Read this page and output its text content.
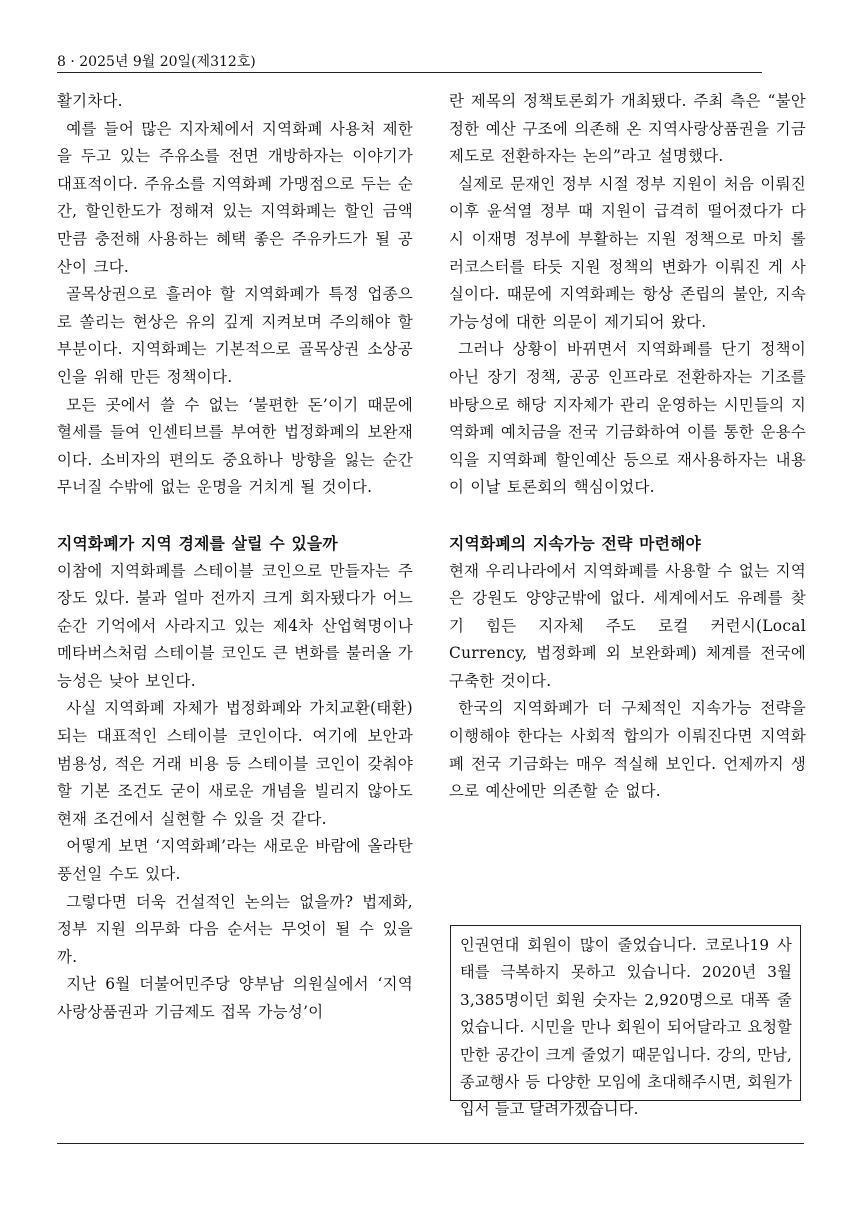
8 · 2025년 9월 20일(제312호)

활기차다.

예를 들어 많은 지자체에서 지역화폐 사용처 제한을 두고 있는 주유소를 전면 개방하자는 이야기가 대표적이다. 주유소를 지역화폐 가맹점으로 두는 순간, 할인한도가 정해져 있는 지역화폐는 할인 금액만큼 충전해 사용하는 혜택 좋은 주유카드가 될 공산이 크다.

골목상권으로 흘러야 할 지역화폐가 특정 업종으로 쏠리는 현상은 유의 깊게 지켜보며 주의해야 할 부분이다. 지역화폐는 기본적으로 골목상권 소상공인을 위해 만든 정책이다.

모든 곳에서 쓸 수 없는 ‘불편한 돈’이기 때문에 혈세를 들여 인센티브를 부여한 법정화폐의 보완재이다. 소비자의 편의도 중요하나 방향을 잃는 순간 무너질 수밖에 없는 운명을 거치게 될 것이다.

지역화폐가 지역 경제를 살릴 수 있을까

이참에 지역화폐를 스테이블 코인으로 만들자는 주장도 있다. 불과 얼마 전까지 크게 회자됐다가 어느 순간 기억에서 사라지고 있는 제4차 산업혁명이나 메타버스처럼 스테이블 코인도 큰 변화를 불러올 가능성은 낮아 보인다.

사실 지역화폐 자체가 법정화폐와 가치교환(태환)되는 대표적인 스테이블 코인이다. 여기에 보안과 범용성, 적은 거래 비용 등 스테이블 코인이 갖춰야 할 기본 조건도 굳이 새로운 개념을 빌리지 않아도 현재 조건에서 실현할 수 있을 것 같다.

어떻게 보면 ‘지역화폐’라는 새로운 바람에 올라탄 풍선일 수도 있다.

그렇다면 더욱 건설적인 논의는 없을까? 법제화, 정부 지원 의무화 다음 순서는 무엇이 될 수 있을까.

지난 6월 더불어민주당 양부남 의원실에서 ‘지역사랑상품권과 기금제도 접목 가능성’이

란 제목의 정책토론회가 개최됐다. 주최 측은 “불안정한 예산 구조에 의존해 온 지역사랑상품권을 기금 제도로 전환하자는 논의”라고 설명했다.

실제로 문재인 정부 시절 정부 지원이 처음 이뤄진 이후 윤석열 정부 때 지원이 급격히 떨어졌다가 다시 이재명 정부에 부활하는 지원 정책으로 마치 롤러코스터를 타듯 지원 정책의 변화가 이뤄진 게 사실이다. 때문에 지역화폐는 항상 존립의 불안, 지속가능성에 대한 의문이 제기되어 왔다.

그러나 상황이 바뀌면서 지역화폐를 단기 정책이 아닌 장기 정책, 공공 인프라로 전환하자는 기조를 바탕으로 해당 지자체가 관리 운영하는 시민들의 지역화폐 예치금을 전국 기금화하여 이를 통한 운용수익을 지역화폐 할인예산 등으로 재사용하자는 내용이 이날 토론회의 핵심이었다.

지역화폐의 지속가능 전략 마련해야

현재 우리나라에서 지역화폐를 사용할 수 없는 지역은 강원도 양양군밖에 없다. 세계에서도 유례를 찾기 힘든 지자체 주도 로컬 커런시(Local Currency, 법정화폐 외 보완화폐) 체계를 전국에 구축한 것이다.

한국의 지역화폐가 더 구체적인 지속가능 전략을 이행해야 한다는 사회적 합의가 이뤄진다면 지역화폐 전국 기금화는 매우 적실해 보인다. 언제까지 생으로 예산에만 의존할 순 없다.

인권연대 회원이 많이 줄었습니다. 코로나19 사태를 극복하지 못하고 있습니다. 2020년 3월 3,385명이던 회원 숫자는 2,920명으로 대폭 줄었습니다. 시민을 만나 회원이 되어달라고 요청할 만한 공간이 크게 줄었기 때문입니다. 강의, 만남, 종교행사 등 다양한 모임에 초대해주시면, 회원가입서 들고 달려가겠습니다.
